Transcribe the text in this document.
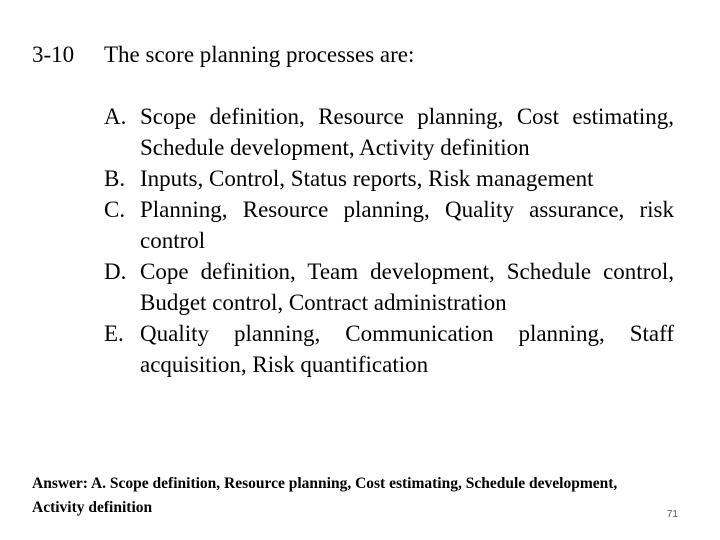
3-10 The score planning processes are:
A. Scope definition, Resource planning, Cost estimating, Schedule development, Activity definition
B. Inputs, Control, Status reports, Risk management
C. Planning, Resource planning, Quality assurance, risk control
D. Cope definition, Team development, Schedule control, Budget control, Contract administration
E. Quality planning, Communication planning, Staff acquisition, Risk quantification
Answer: A. Scope definition, Resource planning, Cost estimating, Schedule development, Activity definition	71
